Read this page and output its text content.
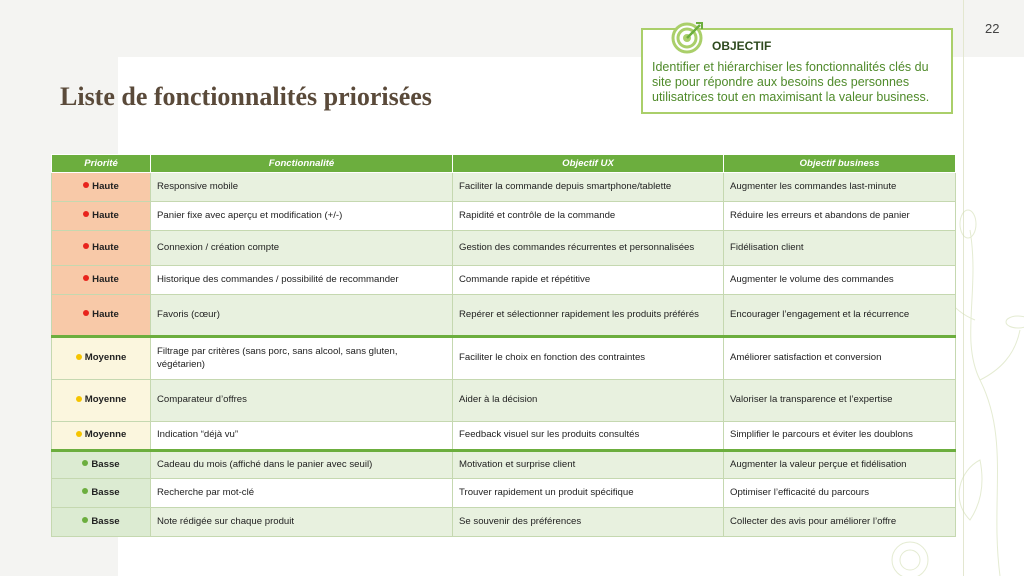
22
Liste de fonctionnalités priorisées
OBJECTIF
Identifier et hiérarchiser les fonctionnalités clés du site pour répondre aux besoins des personnes utilisatrices tout en maximisant la valeur business.
Priorité	Fonctionnalité	Objectif UX	Objectif business
Haute	Responsive mobile	Faciliter la commande depuis smartphone/tablette	Augmenter les commandes last-minute
Haute	Panier fixe avec aperçu et modification (+/-)	Rapidité et contrôle de la commande	Réduire les erreurs et abandons de panier
Haute	Connexion / création compte	Gestion des commandes récurrentes et personnalisées	Fidélisation client
Haute	Historique des commandes / possibilité de recommander	Commande rapide et répétitive	Augmenter le volume des commandes
Haute	Favoris (cœur)	Repérer et sélectionner rapidement les produits préférés	Encourager l’engagement et la récurrence
Moyenne	Filtrage par critères (sans porc, sans alcool, sans gluten, végétarien)	Faciliter le choix en fonction des contraintes	Améliorer satisfaction et conversion
Moyenne	Comparateur d’offres	Aider à la décision	Valoriser la transparence et l’expertise
Moyenne	Indication “déjà vu”	Feedback visuel sur les produits consultés	Simplifier le parcours et éviter les doublons
Basse	Cadeau du mois (affiché dans le panier avec seuil)	Motivation et surprise client	Augmenter la valeur perçue et fidélisation
Basse	Recherche par mot-clé	Trouver rapidement un produit spécifique	Optimiser l’efficacité du parcours
Basse	Note rédigée sur chaque produit	Se souvenir des préférences	Collecter des avis pour améliorer l’offre
